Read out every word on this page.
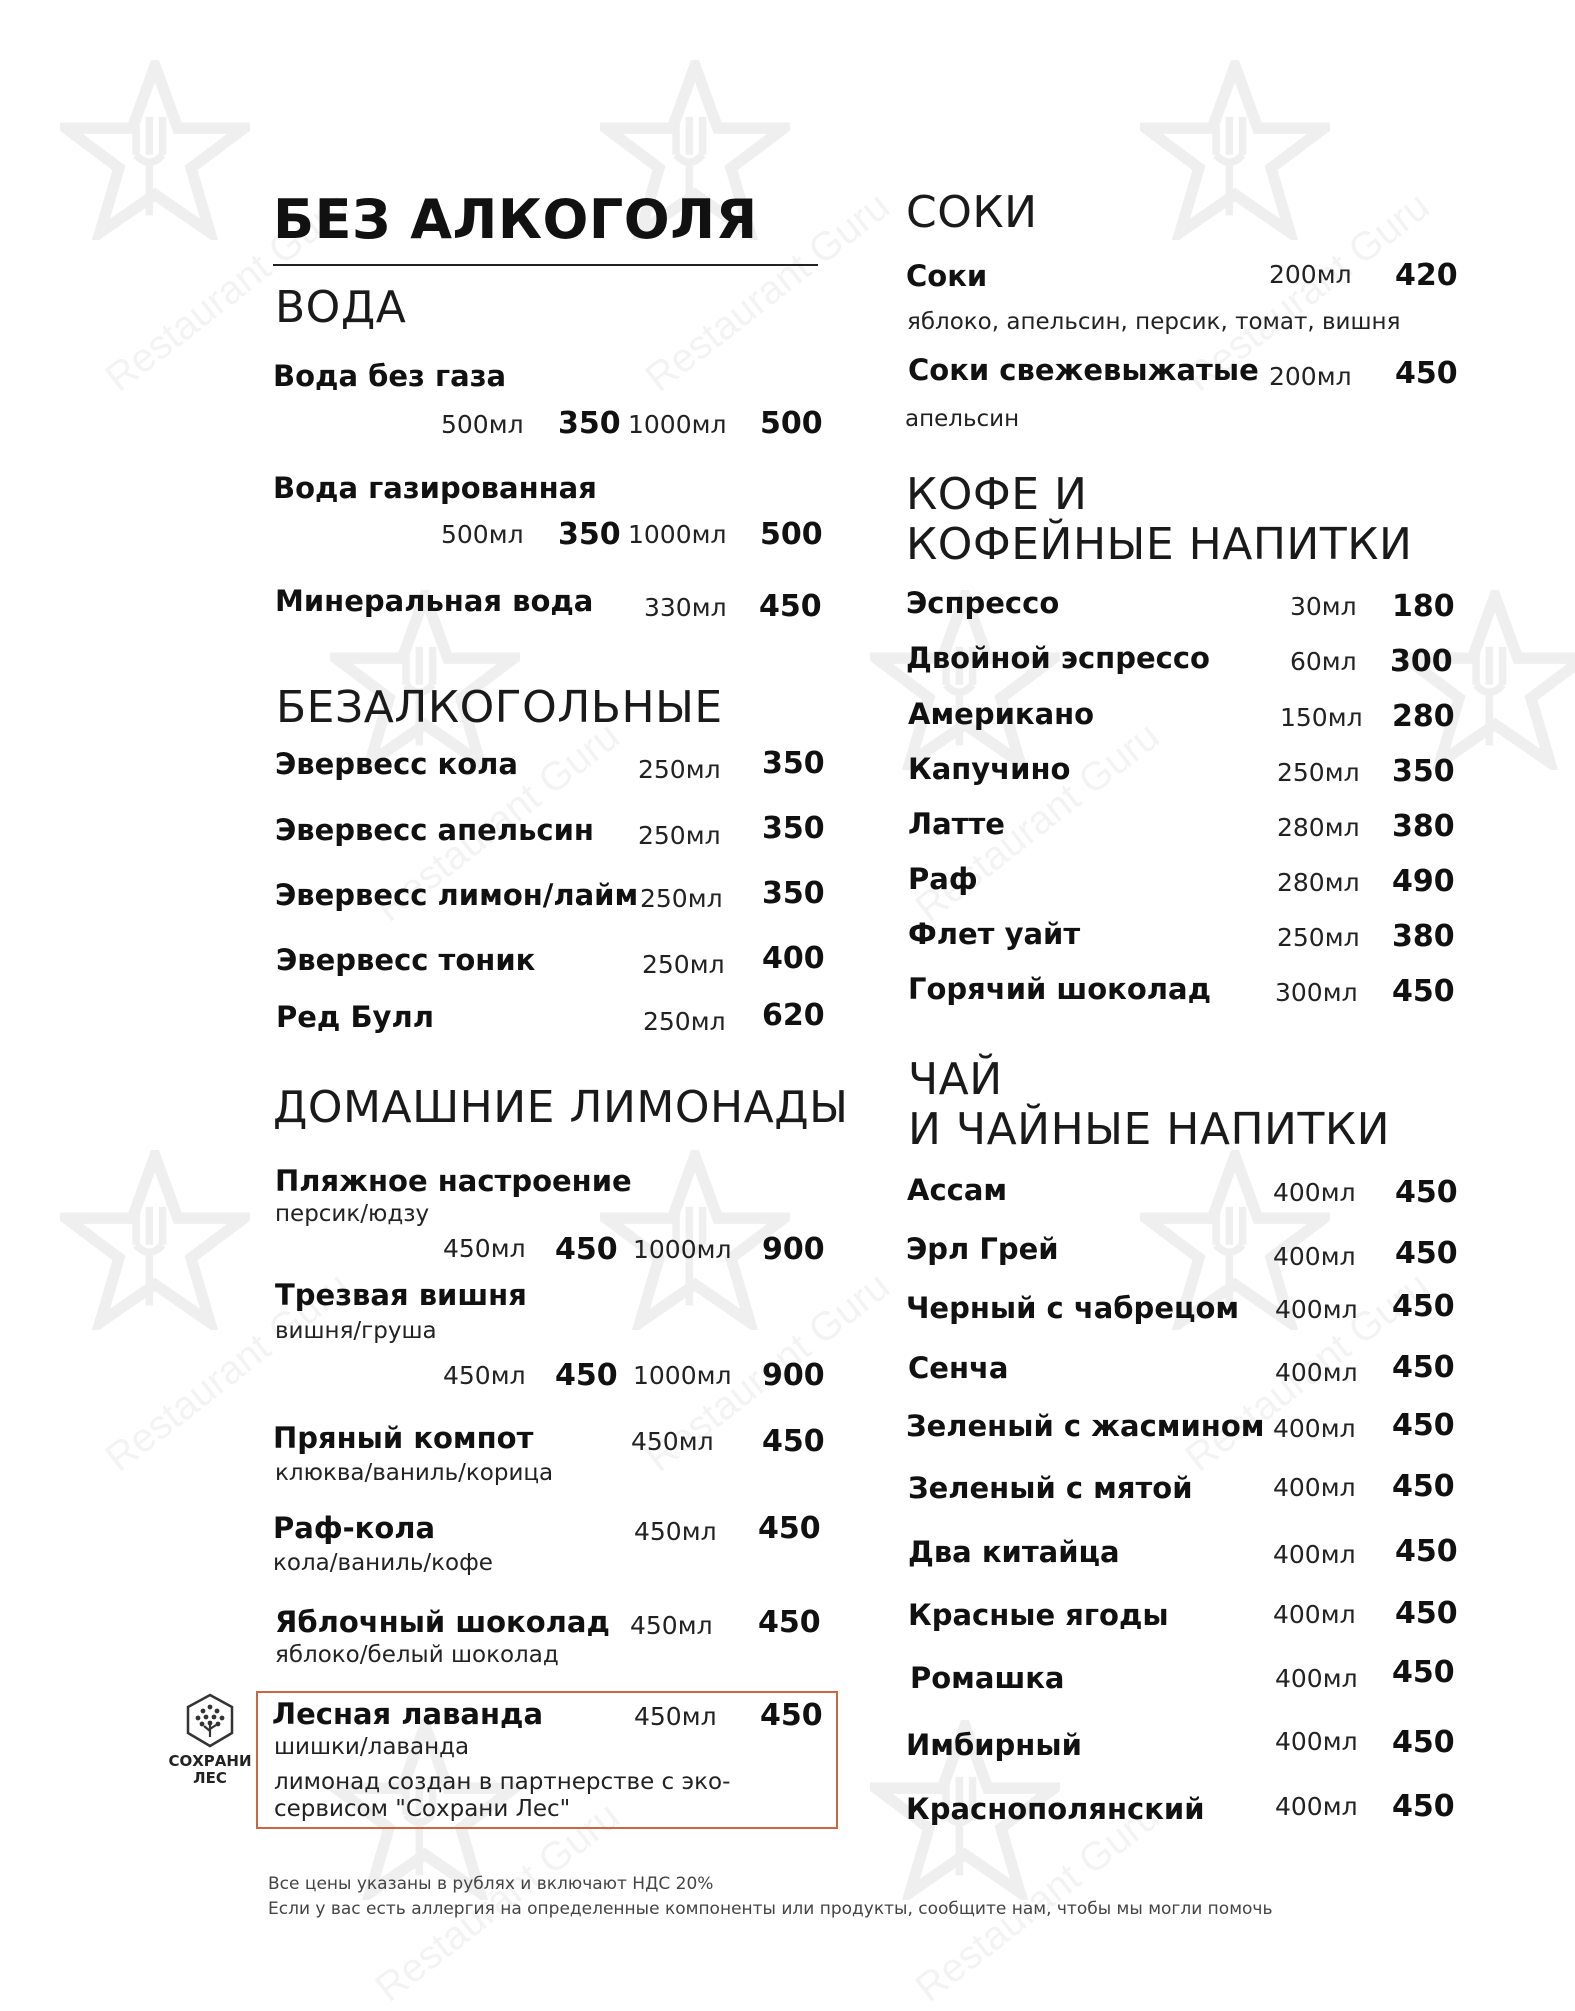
БЕЗ АЛКОГОЛЯ
ВОДА
Вода без газа
500мл 350 1000мл 500
Вода газированная
500мл 350 1000мл 500
Минеральная вода 330мл 450
БЕЗАЛКОГОЛЬНЫЕ
Эвервесс кола	250мл 350
Эвервесс апельсин 250мл 350
Эвервесс лимон/лайм 250мл 350
Эвервесс тоник	250мл 400
Ред Булл	250мл 620
ДОМАШНИЕ ЛИМОНАДЫ
Пляжное настроение
персик/юдзу
450мл 450 1000мл 900
Трезвая вишня
вишня/груша
450мл 450 1000мл 900
Пряный компот
клюква/ваниль/корица
450мл 450
Раф-кола
кола/ваниль/кофе
450мл 450
Яблочный шоколад
яблоко/белый шоколад
450мл 450
Лесная лаванда
шишки/лаванда
450мл 450
лимонад создан в партнерстве с эко-
сервисом "Сохрани Лес"
СОХРАНИ
ЛЕС
СОКИ
Соки	200мл 420
яблоко, апельсин, персик, томат, вишня
Соки свежевыжатые 200мл 450
апельсин
КОФЕ И
КОФЕЙНЫЕ НАПИТКИ
Эспрессо	30мл 180
Двойной эспрессо	60мл 300
Американо	150мл 280
Капучино	250мл 350
Латте	280мл 380
Раф	280мл 490
Флет уайт	250мл 380
Горячий шоколад	300мл 450
ЧАЙ
И ЧАЙНЫЕ НАПИТКИ
Ассам	400мл 450
Эрл Грей	400мл 450
Черный с чабрецом 400мл 450
Сенча	400мл 450
Зеленый с жасмином 400мл 450
Зеленый с мятой	400мл 450
Два китайца	400мл 450
Красные ягоды	400мл 450
Ромашка	400мл 450
Имбирный	400мл 450
Краснополянский	400мл 450
Все цены указаны в рублях и включают НДС 20%
Если у вас есть аллергия на определенные компоненты или продукты, сообщите нам, чтобы мы могли помочь
